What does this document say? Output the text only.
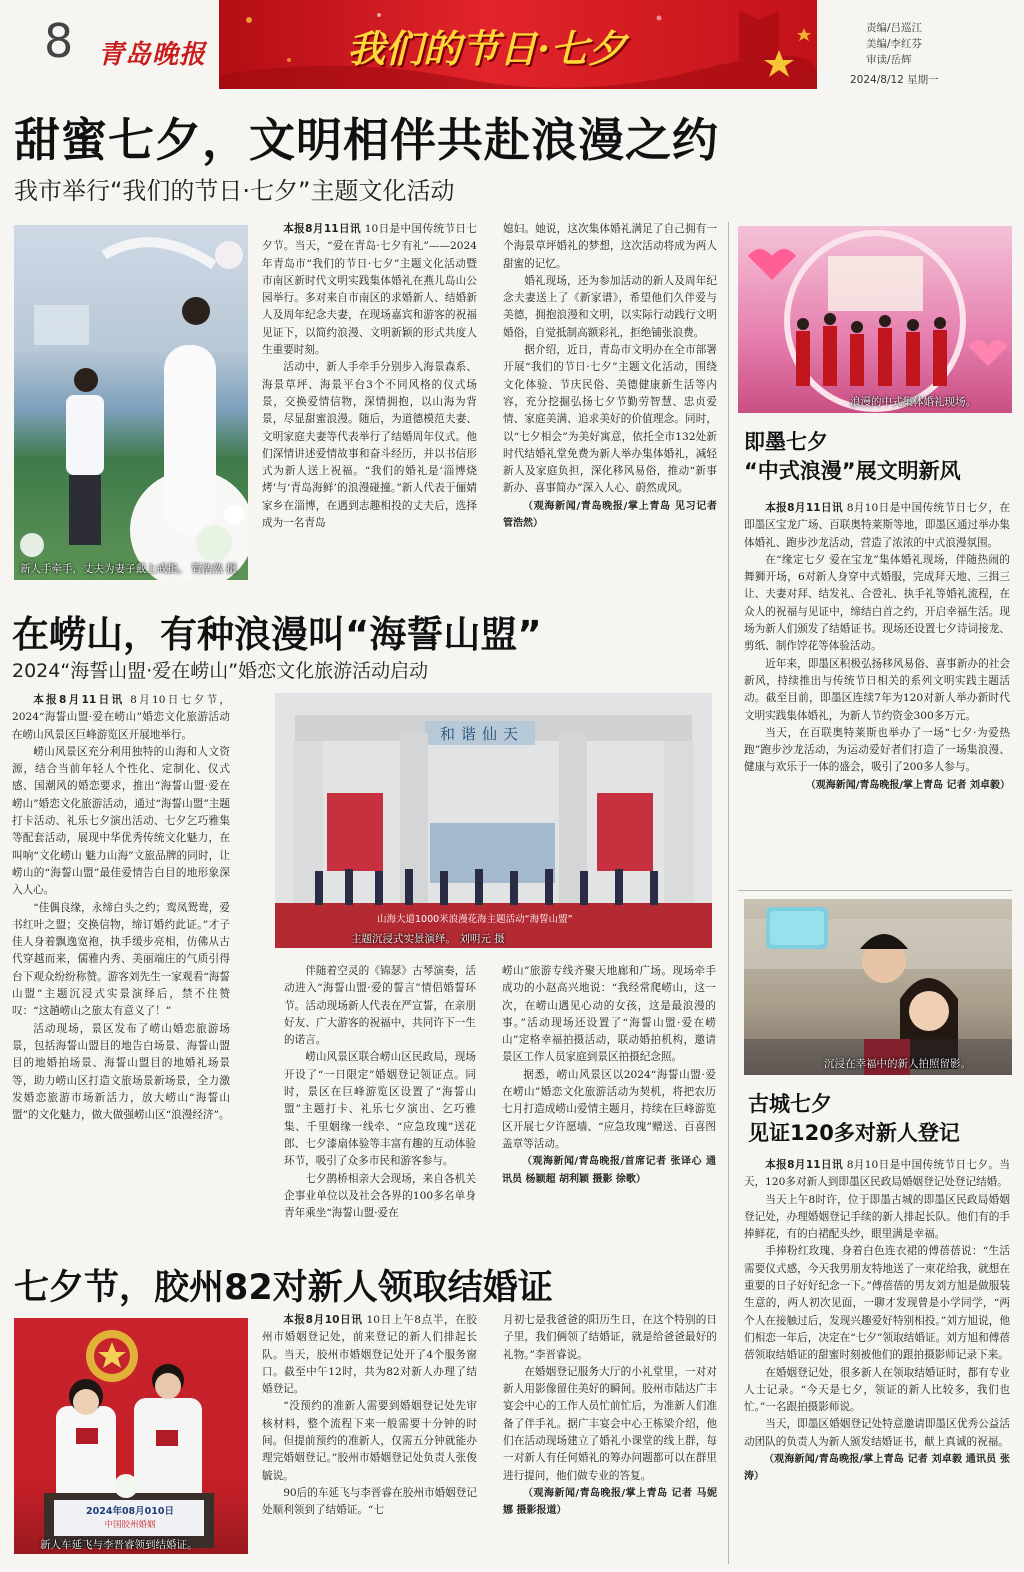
8 青岛晚报	我们的节日·七夕	责编/吕巡江
美编/李红芬
审读/岳辉
2024/8/12 星期一
甜蜜七夕，文明相伴共赴浪漫之约
我市举行“我们的节日·七夕”主题文化活动
新人手牵手，丈夫为妻子戴上戒指。 管浩然 摄

本报8月11日讯 10日是中国传统节日七夕节。当天，“爱在青岛·七夕有礼”——2024年青岛市“我们的节日·七夕”主题文化活动暨市南区新时代文明实践集体婚礼在燕儿岛山公园举行。多对来自市南区的求婚新人、结婚新人及周年纪念夫妻，在现场嘉宾和游客的祝福见证下，以简约浪漫、文明新颖的形式共度人生重要时刻。

活动中，新人手牵手分别步入海景森系、海景草坪、海景平台3个不同风格的仪式场景，交换爱情信物，深情拥抱，以山海为背景，尽显甜蜜浪漫。随后，为道德模范夫妻、文明家庭夫妻等代表举行了结婚周年仪式。他们深情讲述爱情故事和奋斗经历，并以书信形式为新人送上祝福。“我们的婚礼是‘淄博烧烤’与‘青岛海鲜’的浪漫碰撞。”新人代表于俪婧家乡在淄博，在遇到志趣相投的丈夫后，选择成为一名青岛

媳妇。她说，这次集体婚礼满足了自己拥有一个海景草坪婚礼的梦想，这次活动将成为两人甜蜜的记忆。

婚礼现场，还为参加活动的新人及周年纪念夫妻送上了《新家谱》，希望他们久伴爱与美德，拥抱浪漫和文明，以实际行动践行文明婚俗，自觉抵制高额彩礼，拒绝铺张浪费。

据介绍，近日，青岛市文明办在全市部署开展“我们的节日·七夕”主题文化活动，围绕文化体验、节庆民俗、美德健康新生活等内容，充分挖掘弘扬七夕节勤劳智慧、忠贞爱情、家庭美满、追求美好的价值理念。同时，以“七夕相会”为美好寓意，依托全市132处新时代结婚礼堂免费为新人举办集体婚礼，减轻新人及家庭负担，深化移风易俗，推动“新事新办、喜事简办”深入人心、蔚然成风。

（观海新闻/青岛晚报/掌上青岛 见习记者 管浩然）

浪漫的中式集体婚礼现场。
即墨七夕
“中式浪漫”展文明新风

本报8月11日讯 8月10日是中国传统节日七夕，在即墨区宝龙广场、百联奥特莱斯等地，即墨区通过举办集体婚礼、跑步沙龙活动，营造了浓浓的中式浪漫氛围。

在“缘定七夕 爱在宝龙”集体婚礼现场，伴随热闹的舞狮开场，6对新人身穿中式婚服，完成拜天地、三揖三让、夫妻对拜、结发礼、合卺礼、执手礼等婚礼流程，在众人的祝福与见证中，缔结白首之约，开启幸福生活。现场为新人们颁发了结婚证书。现场还设置七夕诗词接龙、剪纸、制作饽花等体验活动。

近年来，即墨区积极弘扬移风易俗、喜事新办的社会新风，持续推出与传统节日相关的系列文明实践主题活动。截至目前，即墨区连续7年为120对新人举办新时代文明实践集体婚礼，为新人节约资金300多万元。

当天，在百联奥特莱斯也举办了一场“七夕·为爱热跑”跑步沙龙活动，为运动爱好者们打造了一场集浪漫、健康与欢乐于一体的盛会，吸引了200多人参与。

（观海新闻/青岛晚报/掌上青岛 记者 刘卓毅）

在崂山，有种浪漫叫“海誓山盟”
2024“海誓山盟·爱在崂山”婚恋文化旅游活动启动

本报8月11日讯 8月10日七夕节，2024“海誓山盟·爱在崂山”婚恋文化旅游活动在崂山风景区巨峰游览区开展地举行。

崂山风景区充分利用独特的山海和人文资源，结合当前年轻人个性化、定制化、仪式感、国潮风的婚恋要求，推出“海誓山盟·爱在崂山”婚恋文化旅游活动，通过“海誓山盟”主题打卡活动、礼乐七夕演出活动、七夕乞巧雅集等配套活动，展现中华优秀传统文化魅力，在叫响“文化崂山 魅力山海”文旅品牌的同时，让崂山的“海誓山盟”最佳爱情告白目的地形象深入人心。

“佳偶良缘，永缔白头之约；鸾凤鸳鸯，爱书红叶之盟；交换信物，缔订婚约此证。”才子佳人身着飘逸宽袍，执手缓步亮相，仿佛从古代穿越而来，儒雅内秀、美丽端庄的气质引得台下观众纷纷称赞。游客刘先生一家观看“海誓山盟”主题沉浸式实景演绎后，禁不住赞叹：“这趟崂山之旅太有意义了！”

活动现场，景区发布了崂山婚恋旅游场景，包括海誓山盟目的地告白场景、海誓山盟目的地婚拍场景、海誓山盟目的地婚礼场景等，助力崂山区打造文旅场景新场景，全力激发婚恋旅游市场新活力，放大崂山“海誓山盟”的文化魅力，做大做强崂山区“浪漫经济”。

和谐仙天
山海大道1000米浪漫花海主题活动“海誓山盟”
主题沉浸式实景演绎。 刘明元 摄

伴随着空灵的《锦瑟》古琴演奏，活动进入“海誓山盟·爱的誓言”情侣婚誓环节。活动现场新人代表在严宣誓，在亲朋好友、广大游客的祝福中，共同许下一生的诺言。

崂山风景区联合崂山区民政局，现场开设了“一日限定”婚姻登记领证点。同时，景区在巨峰游览区设置了“海誓山盟”主题打卡、礼乐七夕演出、乞巧雅集、千里姻缘一线牵、“应急玫瑰”送花郎、七夕漆扇体验等丰富有趣的互动体验环节，吸引了众多市民和游客参与。

七夕鹊桥相亲大会现场，来自各机关企事业单位以及社会各界的100多名单身青年乘坐“海誓山盟·爱在

崂山”旅游专线齐聚天地廊和广场。现场牵手成功的小赵高兴地说：“我经常爬崂山，这一次，在崂山遇见心动的女孩，这是最浪漫的事。”活动现场还设置了“海誓山盟·爱在崂山”定格幸福拍摄活动，联动婚拍机构，邀请景区工作人员家庭到景区拍摄纪念照。

据悉，崂山风景区以2024“海誓山盟·爱在崂山”婚恋文化旅游活动为契机，将把农历七月打造成崂山爱情主题月，持续在巨峰游览区开展七夕许愿墙、“应急玫瑰”赠送、百喜图盖章等活动。

（观海新闻/青岛晚报/首席记者 张译心 通讯员 杨颖超 胡利颖 摄影 徐歌）

沉浸在幸福中的新人拍照留影。
古城七夕
见证120多对新人登记

本报8月11日讯 8月10日是中国传统节日七夕。当天，120多对新人到即墨区民政局婚姻登记处登记结婚。

当天上午8时许，位于即墨古城的即墨区民政局婚姻登记处，办理婚姻登记手续的新人排起长队。他们有的手捧鲜花，有的白裙配头纱，眼里满是幸福。

手捧粉红玫瑰、身着白色连衣裙的傅蓓蓓说：“生活需要仪式感，今天我男朋友特地送了一束花给我，就想在重要的日子好好纪念一下。”傅蓓蓓的男友刘方旭是做服装生意的，两人初次见面，一聊才发现曾是小学同学，“两个人在接触过后，发现兴趣爱好特别相投。”刘方旭说，他们相恋一年后，决定在“七夕”领取结婚证。刘方旭和傅蓓蓓领取结婚证的甜蜜时刻被他们的跟拍摄影师记录下来。

在婚姻登记处，很多新人在领取结婚证时，都有专业人士记录。“今天是七夕，领证的新人比较多，我们也忙。”一名跟拍摄影师说。

当天，即墨区婚姻登记处特意邀请即墨区优秀公益活动团队的负责人为新人颁发结婚证书，献上真诚的祝福。

（观海新闻/青岛晚报/掌上青岛 记者 刘卓毅 通讯员 张涛）

七夕节，胶州82对新人领取结婚证
2024年08月010日
中国胶州婚姻
新人车延飞与李晋睿领到结婚证。

本报8月10日讯 10日上午8点半，在胶州市婚姻登记处，前来登记的新人们排起长队。当天，胶州市婚姻登记处开了4个服务窗口。截至中午12时，共为82对新人办理了结婚登记。

“没预约的准新人需要到婚姻登记处先审核材料，整个流程下来一般需要十分钟的时间。但提前预约的准新人，仅需五分钟就能办理完婚姻登记。”胶州市婚姻登记处负责人张俊毓说。

90后的车延飞与李晋睿在胶州市婚姻登记处顺利领到了结婚证。“七

月初七是我爸爸的阳历生日，在这个特别的日子里，我们俩领了结婚证，就是给爸爸最好的礼物。”李晋睿说。

在婚姻登记服务大厅的小礼堂里，一对对新人用影像留住美好的瞬间。胶州市陆达广丰宴会中心的工作人员忙前忙后，为准新人们准备了伴手礼。据广丰宴会中心王栋梁介绍，他们在活动现场建立了婚礼小课堂的线上群，每一对新人有任何婚礼的筹办问题都可以在群里进行提问，他们做专业的答复。

（观海新闻/青岛晚报/掌上青岛 记者 马妮娜 摄影报道）
